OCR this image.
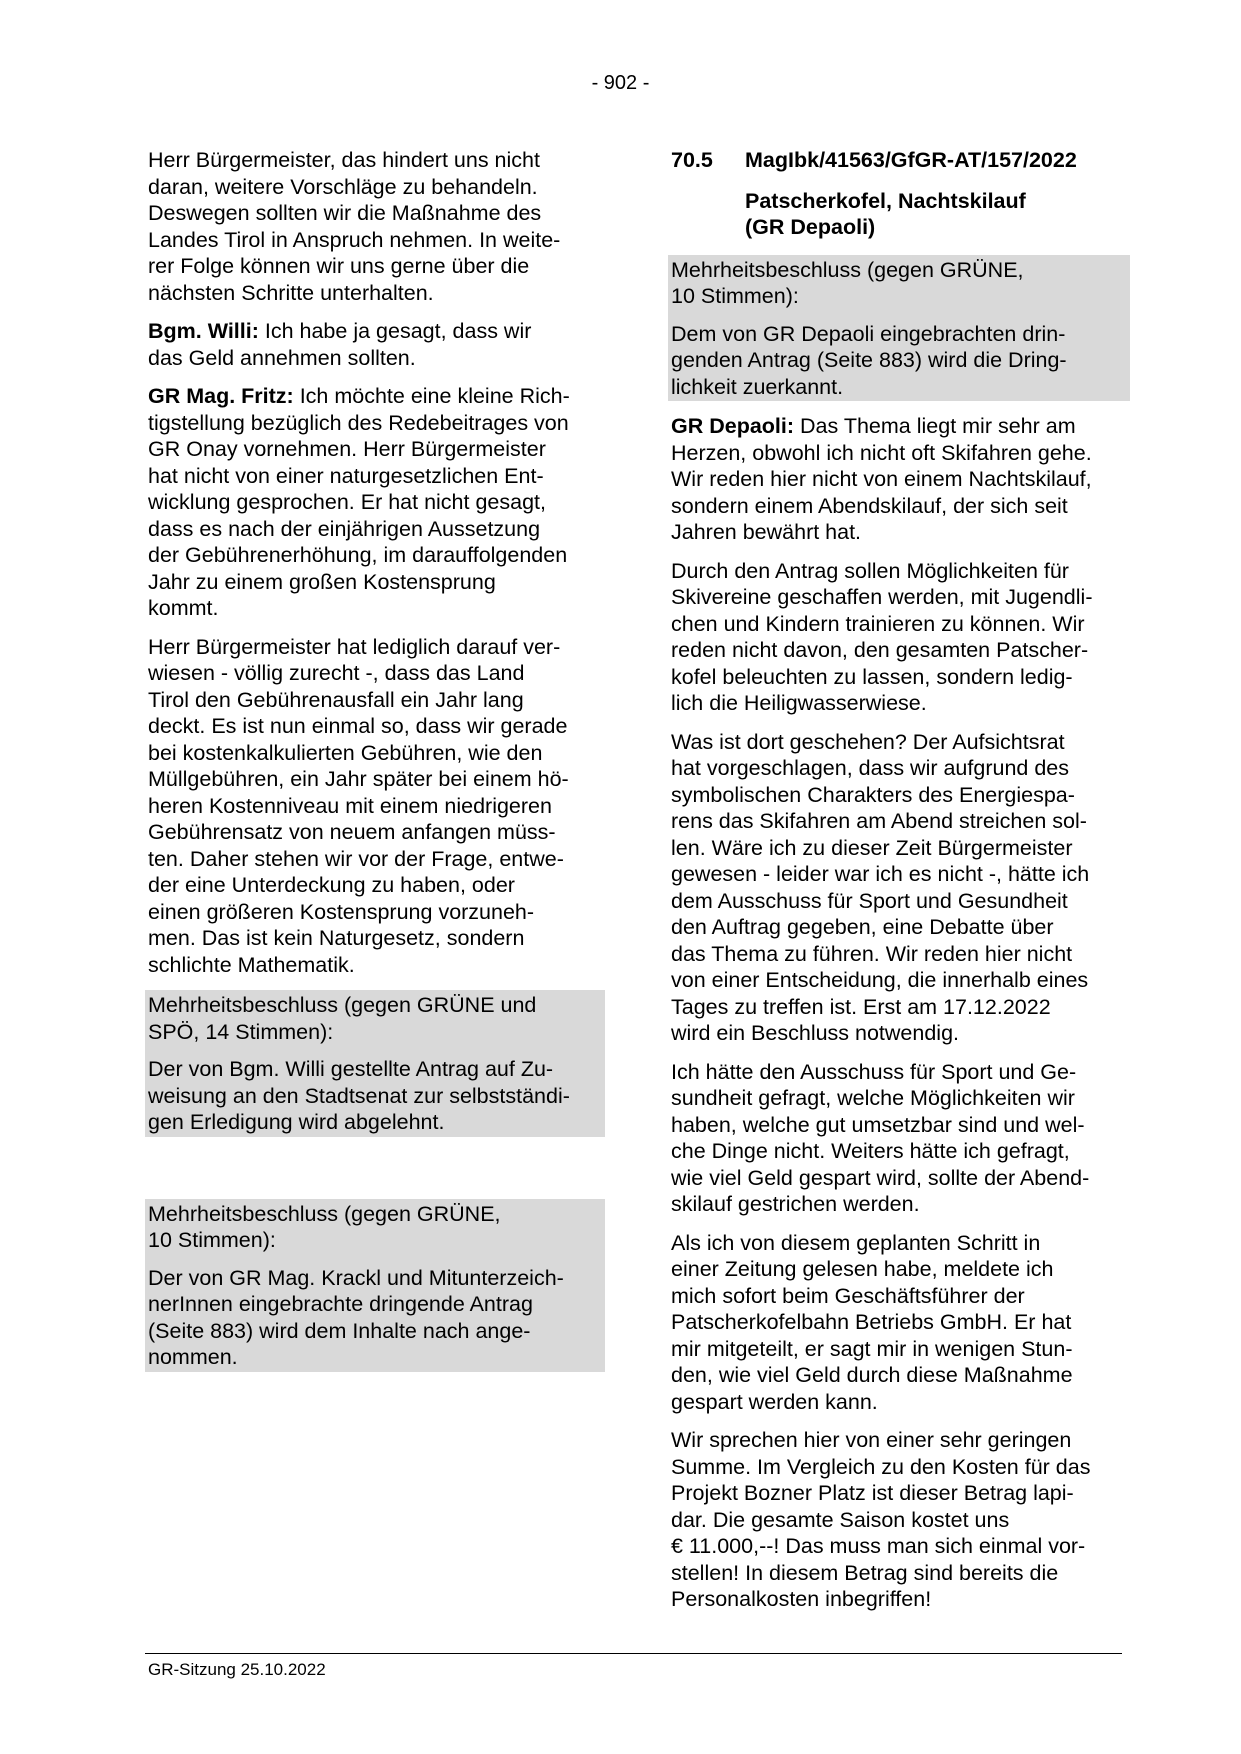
- 902 -

Herr Bürgermeister, das hindert uns nicht
daran, weitere Vorschläge zu behandeln.
Deswegen sollten wir die Maßnahme des
Landes Tirol in Anspruch nehmen. In weite-
rer Folge können wir uns gerne über die
nächsten Schritte unterhalten.

Bgm. Willi: Ich habe ja gesagt, dass wir
das Geld annehmen sollten.

GR Mag. Fritz: Ich möchte eine kleine Rich-
tigstellung bezüglich des Redebeitrages von
GR Onay vornehmen. Herr Bürgermeister
hat nicht von einer naturgesetzlichen Ent-
wicklung gesprochen. Er hat nicht gesagt,
dass es nach der einjährigen Aussetzung
der Gebührenerhöhung, im darauffolgenden
Jahr zu einem großen Kostensprung
kommt.

Herr Bürgermeister hat lediglich darauf ver-
wiesen - völlig zurecht -, dass das Land
Tirol den Gebührenausfall ein Jahr lang
deckt. Es ist nun einmal so, dass wir gerade
bei kostenkalkulierten Gebühren, wie den
Müllgebühren, ein Jahr später bei einem hö-
heren Kostenniveau mit einem niedrigeren
Gebührensatz von neuem anfangen müss-
ten. Daher stehen wir vor der Frage, entwe-
der eine Unterdeckung zu haben, oder
einen größeren Kostensprung vorzuneh-
men. Das ist kein Naturgesetz, sondern
schlichte Mathematik.

Mehrheitsbeschluss (gegen GRÜNE und
SPÖ, 14 Stimmen):
Der von Bgm. Willi gestellte Antrag auf Zu-
weisung an den Stadtsenat zur selbstständi-
gen Erledigung wird abgelehnt.
Mehrheitsbeschluss (gegen GRÜNE,
10 Stimmen):
Der von GR Mag. Krackl und Mitunterzeich-
nerInnen eingebrachte dringende Antrag
(Seite 883) wird dem Inhalte nach ange-
nommen.
70.5	MagIbk/41563/GfGR-AT/157/2022
Patscherkofel, Nachtskilauf
(GR Depaoli)
Mehrheitsbeschluss (gegen GRÜNE,
10 Stimmen):
Dem von GR Depaoli eingebrachten drin-
genden Antrag (Seite 883) wird die Dring-
lichkeit zuerkannt.

GR Depaoli: Das Thema liegt mir sehr am
Herzen, obwohl ich nicht oft Skifahren gehe.
Wir reden hier nicht von einem Nachtskilauf,
sondern einem Abendskilauf, der sich seit
Jahren bewährt hat.

Durch den Antrag sollen Möglichkeiten für
Skivereine geschaffen werden, mit Jugendli-
chen und Kindern trainieren zu können. Wir
reden nicht davon, den gesamten Patscher-
kofel beleuchten zu lassen, sondern ledig-
lich die Heiligwasserwiese.

Was ist dort geschehen? Der Aufsichtsrat
hat vorgeschlagen, dass wir aufgrund des
symbolischen Charakters des Energiespa-
rens das Skifahren am Abend streichen sol-
len. Wäre ich zu dieser Zeit Bürgermeister
gewesen - leider war ich es nicht -, hätte ich
dem Ausschuss für Sport und Gesundheit
den Auftrag gegeben, eine Debatte über
das Thema zu führen. Wir reden hier nicht
von einer Entscheidung, die innerhalb eines
Tages zu treffen ist. Erst am 17.12.2022
wird ein Beschluss notwendig.

Ich hätte den Ausschuss für Sport und Ge-
sundheit gefragt, welche Möglichkeiten wir
haben, welche gut umsetzbar sind und wel-
che Dinge nicht. Weiters hätte ich gefragt,
wie viel Geld gespart wird, sollte der Abend-
skilauf gestrichen werden.

Als ich von diesem geplanten Schritt in
einer Zeitung gelesen habe, meldete ich
mich sofort beim Geschäftsführer der
Patscherkofelbahn Betriebs GmbH. Er hat
mir mitgeteilt, er sagt mir in wenigen Stun-
den, wie viel Geld durch diese Maßnahme
gespart werden kann.

Wir sprechen hier von einer sehr geringen
Summe. Im Vergleich zu den Kosten für das
Projekt Bozner Platz ist dieser Betrag lapi-
dar. Die gesamte Saison kostet uns
€ 11.000,--! Das muss man sich einmal vor-
stellen! In diesem Betrag sind bereits die
Personalkosten inbegriffen!

GR-Sitzung 25.10.2022
